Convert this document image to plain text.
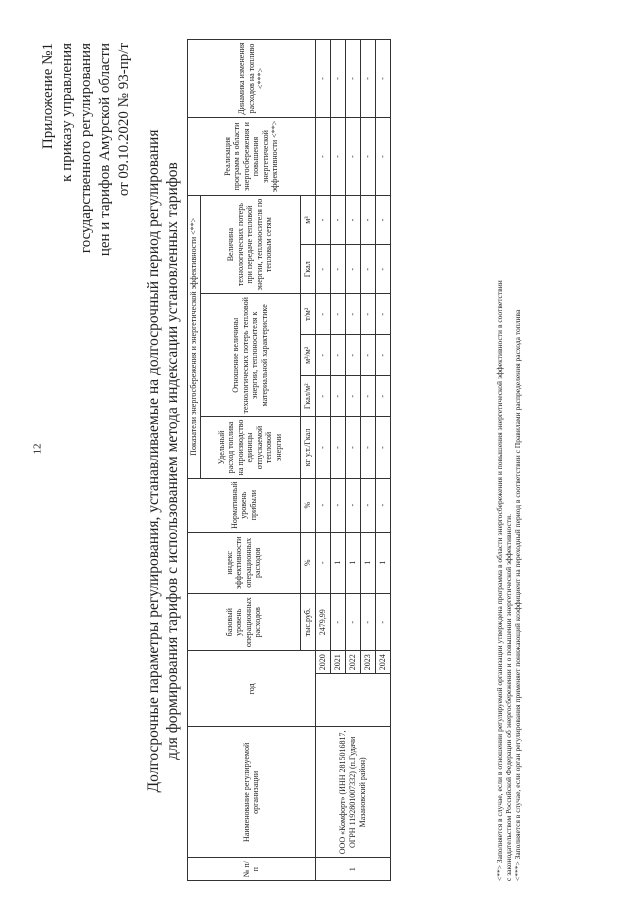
12
Приложение №1 к приказу управления государственного регулирования цен и тарифов Амурской области от 09.10.2020 № 93-пр/т
Долгосрочные параметры регулирования, устанавливаемые на долгосрочный период регулирования для формирования тарифов с использованием метода индексации установленных тарифов
№ п/п	Наименование регулируемой организации	год		базовый уровень операционных расходов	индекс эффективности операционных расходов	Нормативный уровень прибыли	Показатели энергосбережения и энергетической эффективности <**>						Реализация программ в области энергосбережения и повышения энергетической эффективности <**>	Динамика изменения расходов на топливо <***>
							Удельный расход топлива на производство единицы отпускаемой тепловой энергии	Отношение величины технологических потерь тепловой энергии, теплоносителя к материальной характеристике			Величина технологических потерь при передаче тепловой энергии, теплоносителя по тепловым сетям			
				тыс.руб.	%	%	кг у.т./Гкал	Гкал/м²	м³/м²	т/м²	Гкал	м³		
1	ООО «Комфорт» (ИНН 2815016817, ОГРН 1192801007332) (п.Гудачи Мазановский район)		2020	2479,99	-	-	-	-	-	-	-	-	-	-
			2021	-	1	-	-	-	-	-	-	-	-	-
			2022	-	1	-	-	-	-	-	-	-	-	-
			2023	-	1	-	-	-	-	-	-	-	-	-
			2024	-	1	-	-	-	-	-	-	-	-	-
<**> Заполняется в случае, если в отношении регулируемой организации утверждена программа в области энергосбережения и повышения энергетической эффективности в соответствии с законодательством Российской Федерации об энергосбережении и о повышении энергетической эффективности. <***> Заполняется в случае, если орган регулирования применяет понижающий коэффициент на переходный период в соответствии с Правилами распределения расхода топлива
